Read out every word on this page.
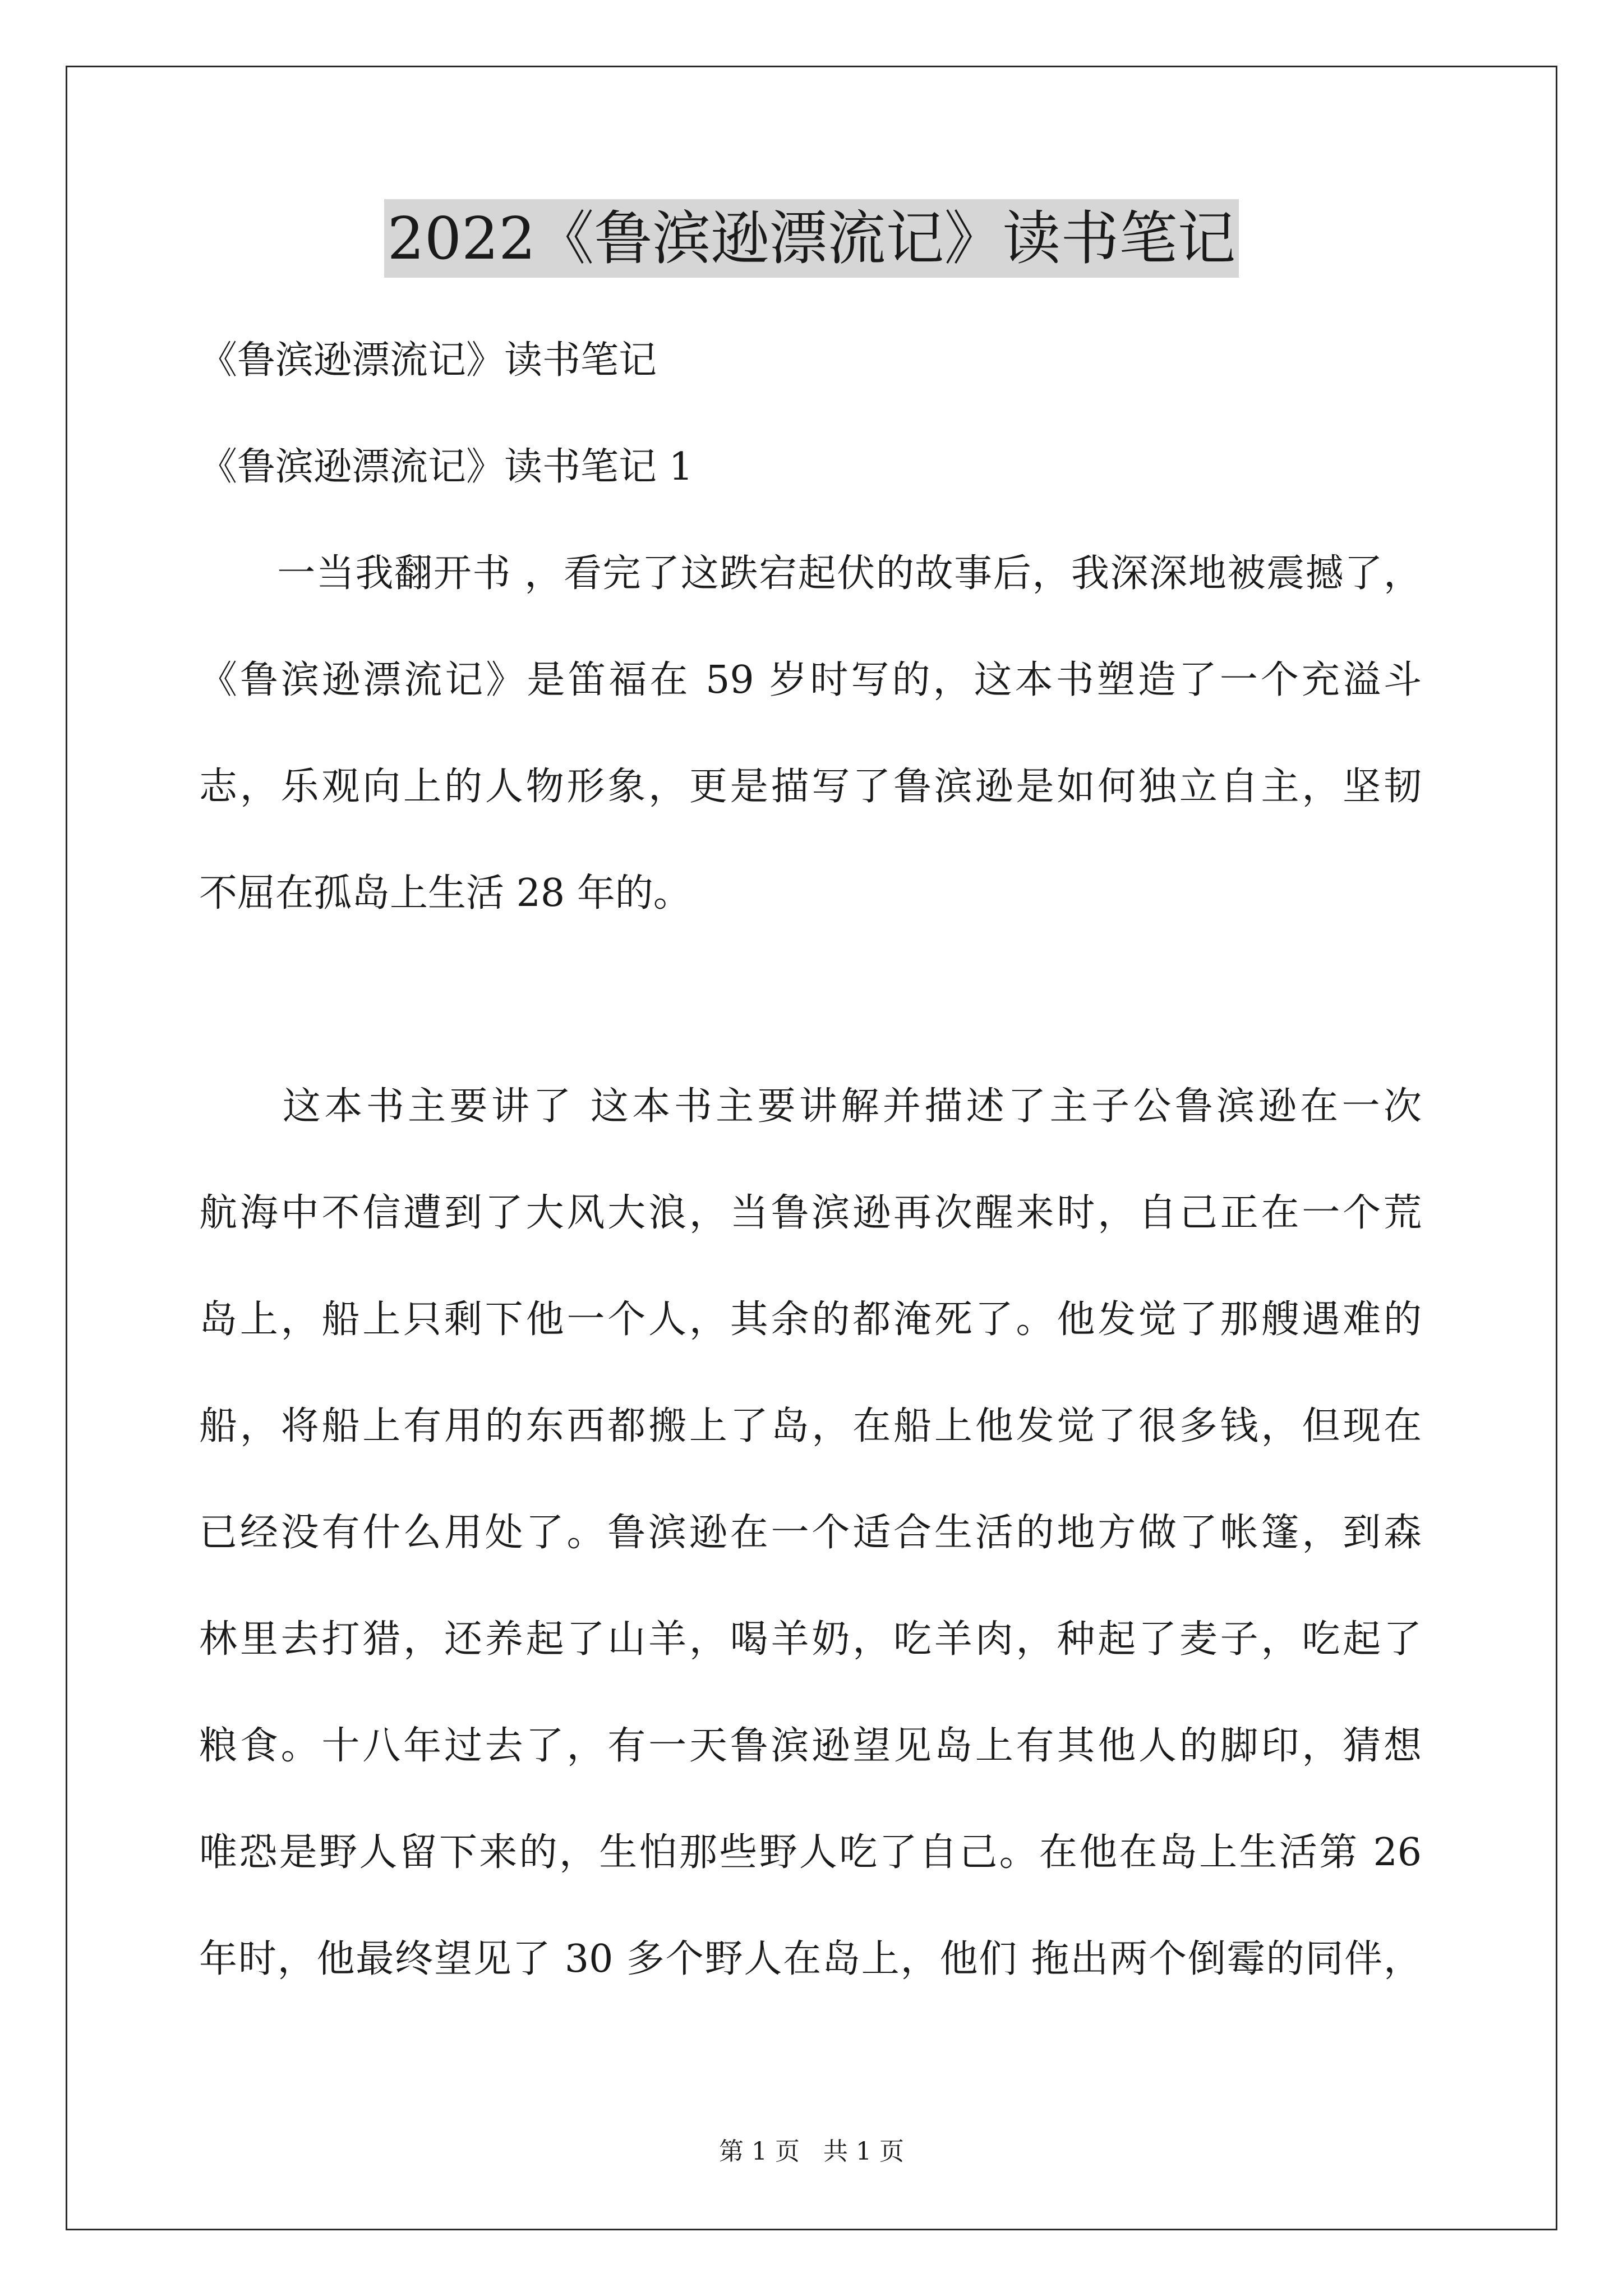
2022《鲁滨逊漂流记》读书笔记
《鲁滨逊漂流记》读书笔记
《鲁滨逊漂流记》读书笔记 1
　　一当我翻开书 ，看完了这跌宕起伏的故事后，我深深地被震撼了，
《鲁滨逊漂流记》是笛福在 59 岁时写的，这本书塑造了一个充溢斗
志，乐观向上的人物形象，更是描写了鲁滨逊是如何独立自主，坚韧
不屈在孤岛上生活 28 年的。
　　这本书主要讲了 这本书主要讲解并描述了主子公鲁滨逊在一次
航海中不信遭到了大风大浪，当鲁滨逊再次醒来时，自己正在一个荒
岛上，船上只剩下他一个人，其余的都淹死了。他发觉了那艘遇难的
船，将船上有用的东西都搬上了岛，在船上他发觉了很多钱，但现在
已经没有什么用处了。鲁滨逊在一个适合生活的地方做了帐篷，到森
林里去打猎，还养起了山羊，喝羊奶，吃羊肉，种起了麦子，吃起了
粮食。十八年过去了，有一天鲁滨逊望见岛上有其他人的脚印，猜想
唯恐是野人留下来的，生怕那些野人吃了自己。在他在岛上生活第 26
年时，他最终望见了 30 多个野人在岛上，他们 拖出两个倒霉的同伴，
第 1 页 共 1 页
